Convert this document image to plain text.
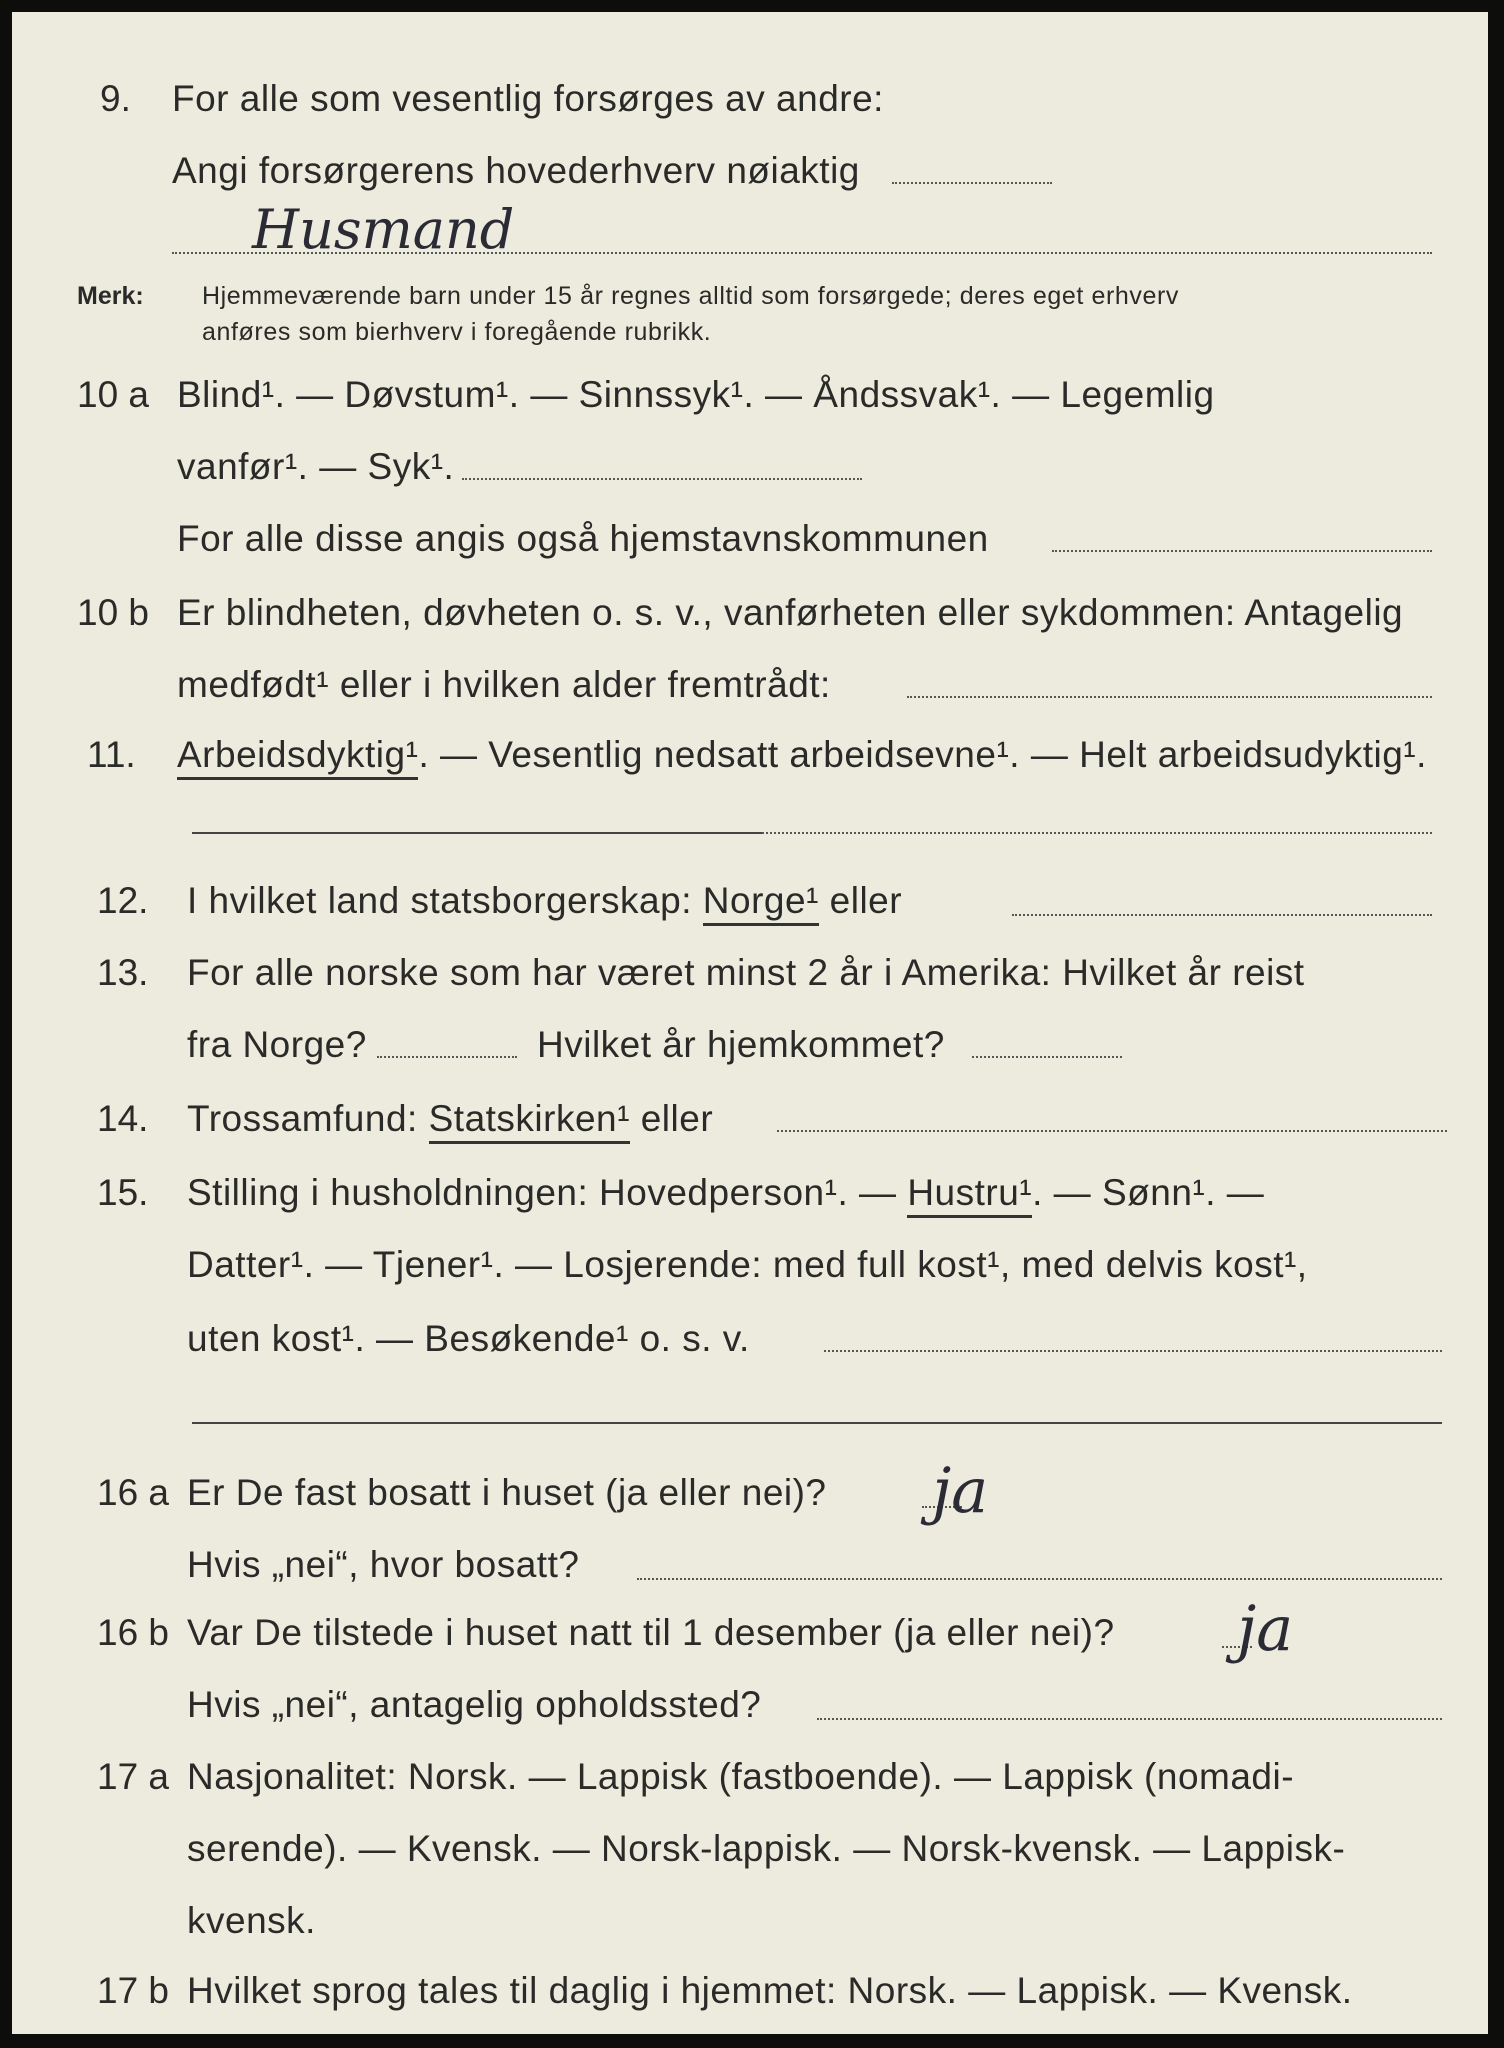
9. For alle som vesentlig forsørges av andre:
Angi forsørgerens hovederhverv nøiaktig
Husmand
Merk: Hjemmeværende barn under 15 år regnes alltid som forsørgede; deres eget erhverv
anføres som bierhverv i foregående rubrikk.
10 a Blind¹. — Døvstum¹. — Sinnssyk¹. — Åndssvak¹. — Legemlig
vanfør¹. — Syk¹.
For alle disse angis også hjemstavnskommunen
10 b Er blindheten, døvheten o. s. v., vanførheten eller sykdommen: Antagelig
medfødt¹ eller i hvilken alder fremtrådt:
11. Arbeidsdyktig¹. — Vesentlig nedsatt arbeidsevne¹. — Helt arbeidsudyktig¹.
12. I hvilket land statsborgerskap: Norge¹ eller
13. For alle norske som har været minst 2 år i Amerika: Hvilket år reist
fra Norge?	Hvilket år hjemkommet?
14. Trossamfund: Statskirken¹ eller
15. Stilling i husholdningen: Hovedperson¹. — Hustru¹. — Sønn¹. —
Datter¹. — Tjener¹. — Losjerende: med full kost¹, med delvis kost¹,
uten kost¹. — Besøkende¹ o. s. v.
16 a Er De fast bosatt i huset (ja eller nei)? ja
Hvis „nei“, hvor bosatt?
16 b Var De tilstede i huset natt til 1 desember (ja eller nei)? ja
Hvis „nei“, antagelig opholdssted?
17 a Nasjonalitet: Norsk. — Lappisk (fastboende). — Lappisk (nomadi-
serende). — Kvensk. — Norsk-lappisk. — Norsk-kvensk. — Lappisk-
kvensk.
17 b Hvilket sprog tales til daglig i hjemmet: Norsk. — Lappisk. — Kvensk.
